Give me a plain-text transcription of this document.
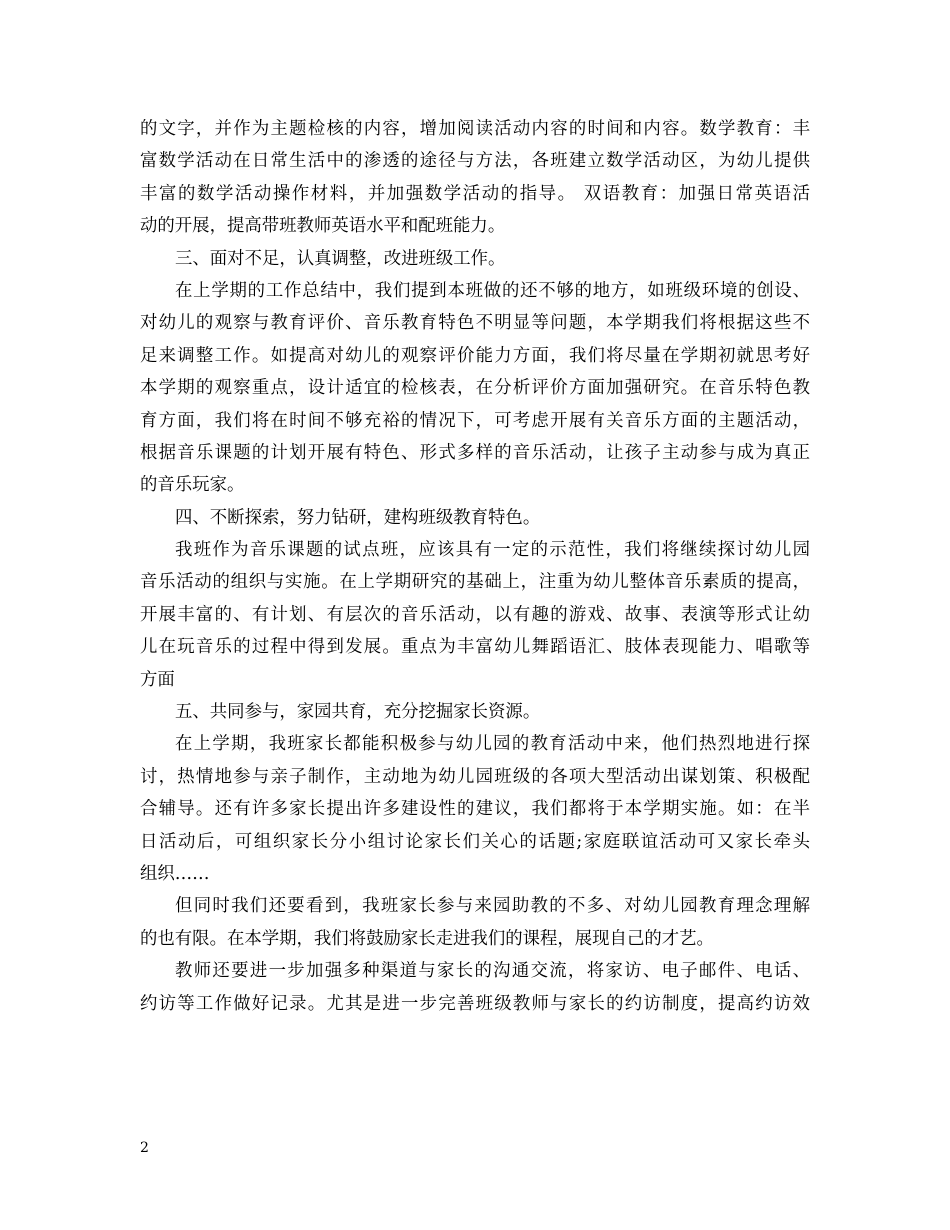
的文字，并作为主题检核的内容，增加阅读活动内容的时间和内容。数学教育：丰
富数学活动在日常生活中的渗透的途径与方法，各班建立数学活动区，为幼儿提供
丰富的数学活动操作材料，并加强数学活动的指导。 双语教育：加强日常英语活
动的开展，提高带班教师英语水平和配班能力。
三、面对不足，认真调整，改进班级工作。
在上学期的工作总结中，我们提到本班做的还不够的地方，如班级环境的创设、
对幼儿的观察与教育评价、音乐教育特色不明显等问题，本学期我们将根据这些不
足来调整工作。如提高对幼儿的观察评价能力方面，我们将尽量在学期初就思考好
本学期的观察重点，设计适宜的检核表，在分析评价方面加强研究。在音乐特色教
育方面，我们将在时间不够充裕的情况下，可考虑开展有关音乐方面的主题活动，
根据音乐课题的计划开展有特色、形式多样的音乐活动，让孩子主动参与成为真正
的音乐玩家。
四、不断探索，努力钻研，建构班级教育特色。
我班作为音乐课题的试点班，应该具有一定的示范性，我们将继续探讨幼儿园
音乐活动的组织与实施。在上学期研究的基础上，注重为幼儿整体音乐素质的提高，
开展丰富的、有计划、有层次的音乐活动，以有趣的游戏、故事、表演等形式让幼
儿在玩音乐的过程中得到发展。重点为丰富幼儿舞蹈语汇、肢体表现能力、唱歌等
方面
五、共同参与，家园共育，充分挖掘家长资源。
在上学期，我班家长都能积极参与幼儿园的教育活动中来，他们热烈地进行探
讨，热情地参与亲子制作，主动地为幼儿园班级的各项大型活动出谋划策、积极配
合辅导。还有许多家长提出许多建设性的建议，我们都将于本学期实施。如：在半
日活动后，可组织家长分小组讨论家长们关心的话题;家庭联谊活动可又家长牵头
组织……
但同时我们还要看到，我班家长参与来园助教的不多、对幼儿园教育理念理解
的也有限。在本学期，我们将鼓励家长走进我们的课程，展现自己的才艺。
教师还要进一步加强多种渠道与家长的沟通交流，将家访、电子邮件、电话、
约访等工作做好记录。尤其是进一步完善班级教师与家长的约访制度，提高约访效
2
